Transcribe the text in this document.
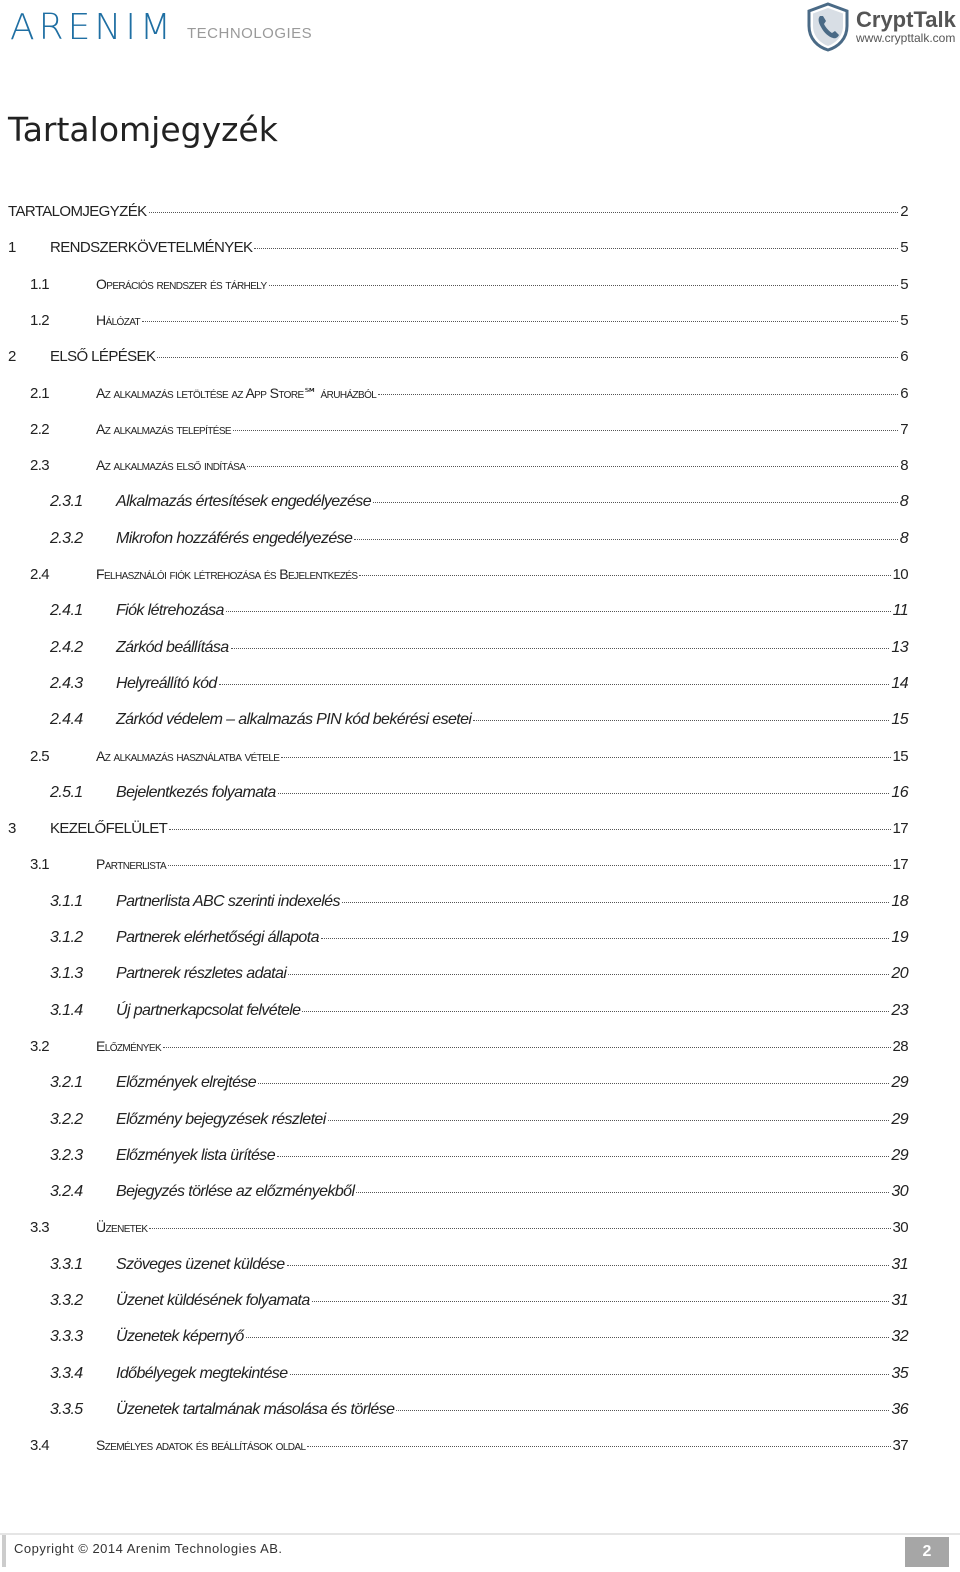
ARENIM TECHNOLOGIES
CryptTalk
www.crypttalk.com
Tartalomjegyzék
TARTALOMJEGYZÉK	2
1 RENDSZERKÖVETELMÉNYEK	5
1.1	Operációs rendszer és tárhely	5
1.2	Hálózat	5
2 ELSŐ LÉPÉSEK	6
2.1	Az alkalmazás letöltése az App Store℠ áruházból	6
2.2	Az alkalmazás telepítése	7
2.3	Az alkalmazás első indítása	8
2.3.1 Alkalmazás értesítések engedélyezése	8
2.3.2 Mikrofon hozzáférés engedélyezése	8
2.4	Felhasználói fiók létrehozása és Bejelentkezés	10
2.4.1 Fiók létrehozása	11
2.4.2 Zárkód beállítása	13
2.4.3 Helyreállító kód	14
2.4.4 Zárkód védelem – alkalmazás PIN kód bekérési esetei	15
2.5	Az alkalmazás használatba vétele	15
2.5.1 Bejelentkezés folyamata	16
3 KEZELŐFELÜLET	17
3.1	Partnerlista	17
3.1.1 Partnerlista ABC szerinti indexelés	18
3.1.2 Partnerek elérhetőségi állapota	19
3.1.3 Partnerek részletes adatai	20
3.1.4 Új partnerkapcsolat felvétele	23
3.2	Előzmények	28
3.2.1 Előzmények elrejtése	29
3.2.2 Előzmény bejegyzések részletei	29
3.2.3 Előzmények lista ürítése	29
3.2.4 Bejegyzés törlése az előzményekből	30
3.3	Üzenetek	30
3.3.1 Szöveges üzenet küldése	31
3.3.2 Üzenet küldésének folyamata	31
3.3.3 Üzenetek képernyő	32
3.3.4 Időbélyegek megtekintése	35
3.3.5 Üzenetek tartalmának másolása és törlése	36
3.4	Személyes adatok és beállítások oldal	37
Copyright © 2014 Arenim Technologies AB.	2
